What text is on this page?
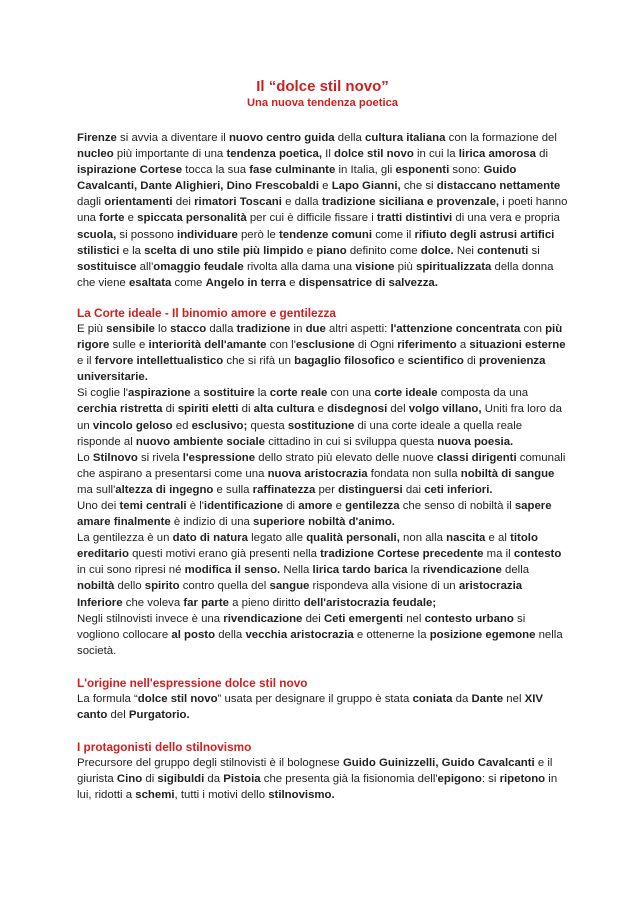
Il “dolce stil novo”
Una nuova tendenza poetica

Firenze si avvia a diventare il nuovo centro guida della cultura italiana con la formazione del nucleo più importante di una tendenza poetica, Il dolce stil novo in cui la lirica amorosa di ispirazione Cortese tocca la sua fase culminante in Italia, gli esponenti sono: Guido Cavalcanti, Dante Alighieri, Dino Frescobaldi e Lapo Gianni, che si distaccano nettamente dagli orientamenti dei rimatori Toscani e dalla tradizione siciliana e provenzale, i poeti hanno una forte e spiccata personalità per cui è difficile fissare i tratti distintivi di una vera e propria scuola, si possono individuare però le tendenze comuni come il rifiuto degli astrusi artifici stilistici e la scelta di uno stile più limpido e piano definito come dolce. Nei contenuti si sostituisce all'omaggio feudale rivolta alla dama una visione più spiritualizzata della donna che viene esaltata come Angelo in terra e dispensatrice di salvezza.

La Corte ideale - Il binomio amore e gentilezza

E più sensibile lo stacco dalla tradizione in due altri aspetti: l'attenzione concentrata con più rigore sulle e interiorità dell'amante con l'esclusione di Ogni riferimento a situazioni esterne e il fervore intellettualistico che si rifà un bagaglio filosofico e scientifico di provenienza universitarie.

Si coglie l'aspirazione a sostituire la corte reale con una corte ideale composta da una cerchia ristretta di spiriti eletti di alta cultura e disdegnosi del volgo villano, Uniti fra loro da un vincolo geloso ed esclusivo; questa sostituzione di una corte ideale a quella reale risponde al nuovo ambiente sociale cittadino in cui si sviluppa questa nuova poesia.

Lo Stilnovo si rivela l'espressione dello strato più elevato delle nuove classi dirigenti comunali che aspirano a presentarsi come una nuova aristocrazia fondata non sulla nobiltà di sangue ma sull'altezza di ingegno e sulla raffinatezza per distinguersi dai ceti inferiori.

Uno dei temi centrali è l'identificazione di amore e gentilezza che senso di nobiltà il sapere amare finalmente è indizio di una superiore nobiltà d'animo.

La gentilezza è un dato di natura legato alle qualità personali, non alla nascita e al titolo ereditario questi motivi erano già presenti nella tradizione Cortese precedente ma il contesto in cui sono ripresi né modifica il senso. Nella lirica tardo barica la rivendicazione della nobiltà dello spirito contro quella del sangue rispondeva alla visione di un aristocrazia Inferiore che voleva far parte a pieno diritto dell'aristocrazia feudale;

Negli stilnovisti invece è una rivendicazione dei Ceti emergenti nel contesto urbano si vogliono collocare al posto della vecchia aristocrazia e ottenerne la posizione egemone nella società.

L'origine nell'espressione dolce stil novo

La formula “dolce stil novo” usata per designare il gruppo è stata coniata da Dante nel XIV canto del Purgatorio.

I protagonisti dello stilnovismo

Precursore del gruppo degli stilnovisti è il bolognese Guido Guinizzelli, Guido Cavalcanti e il giurista Cino di sigibuldi da Pistoia che presenta già la fisionomia dell'epigono: si ripetono in lui, ridotti a schemi, tutti i motivi dello stilnovismo.
